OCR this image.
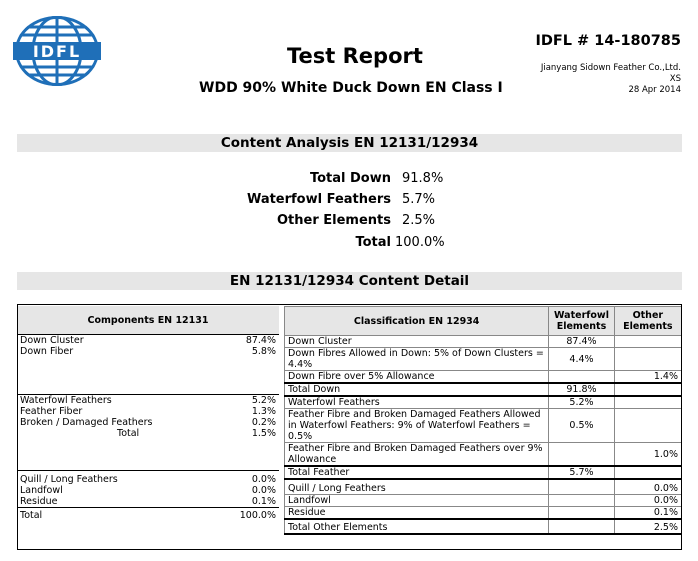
IDFL	Test Report
WDD 90% White Duck Down EN Class I
IDFL # 14-180785
Jianyang Sidown Feather Co.,Ltd.
XS
28 Apr 2014
Content Analysis EN 12131/12934
Total Down 91.8%
Waterfowl Feathers 5.7%
Other Elements 2.5%
Total 100.0%
EN 12131/12934 Content Detail
Components EN 12131	
Down Cluster	87.4%
Down Fiber	5.8%

Waterfowl Feathers	5.2%
Feather Fiber	1.3%
Broken / Damaged Feathers	0.2%
Total	1.5%
Quill / Long Feathers	0.0%
Landfowl	0.0%
Residue	0.1%
Total	100.0%
Classification EN 12934	Waterfowl Elements	Other Elements
Down Cluster	87.4%	
Down Fibres Allowed in Down: 5% of Down Clusters = 4.4%	4.4%	
Down Fibre over 5% Allowance		1.4%
Total Down	91.8%	
Waterfowl Feathers	5.2%	
Feather Fibre and Broken Damaged Feathers Allowed in Waterfowl Feathers: 9% of Waterfowl Feathers = 0.5%	0.5%	
Feather Fibre and Broken Damaged Feathers over 9% Allowance		1.0%
Total Feather	5.7%	
Quill / Long Feathers		0.0%
Landfowl		0.0%
Residue		0.1%
Total Other Elements		2.5%
